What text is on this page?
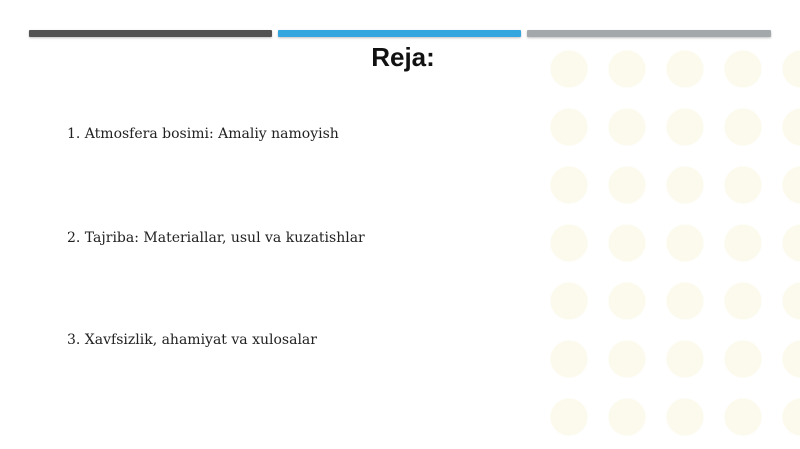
Reja:

1. Atmosfera bosimi: Amaliy namoyish

2. Tajriba: Materiallar, usul va kuzatishlar

3. Xavfsizlik, ahamiyat va xulosalar
